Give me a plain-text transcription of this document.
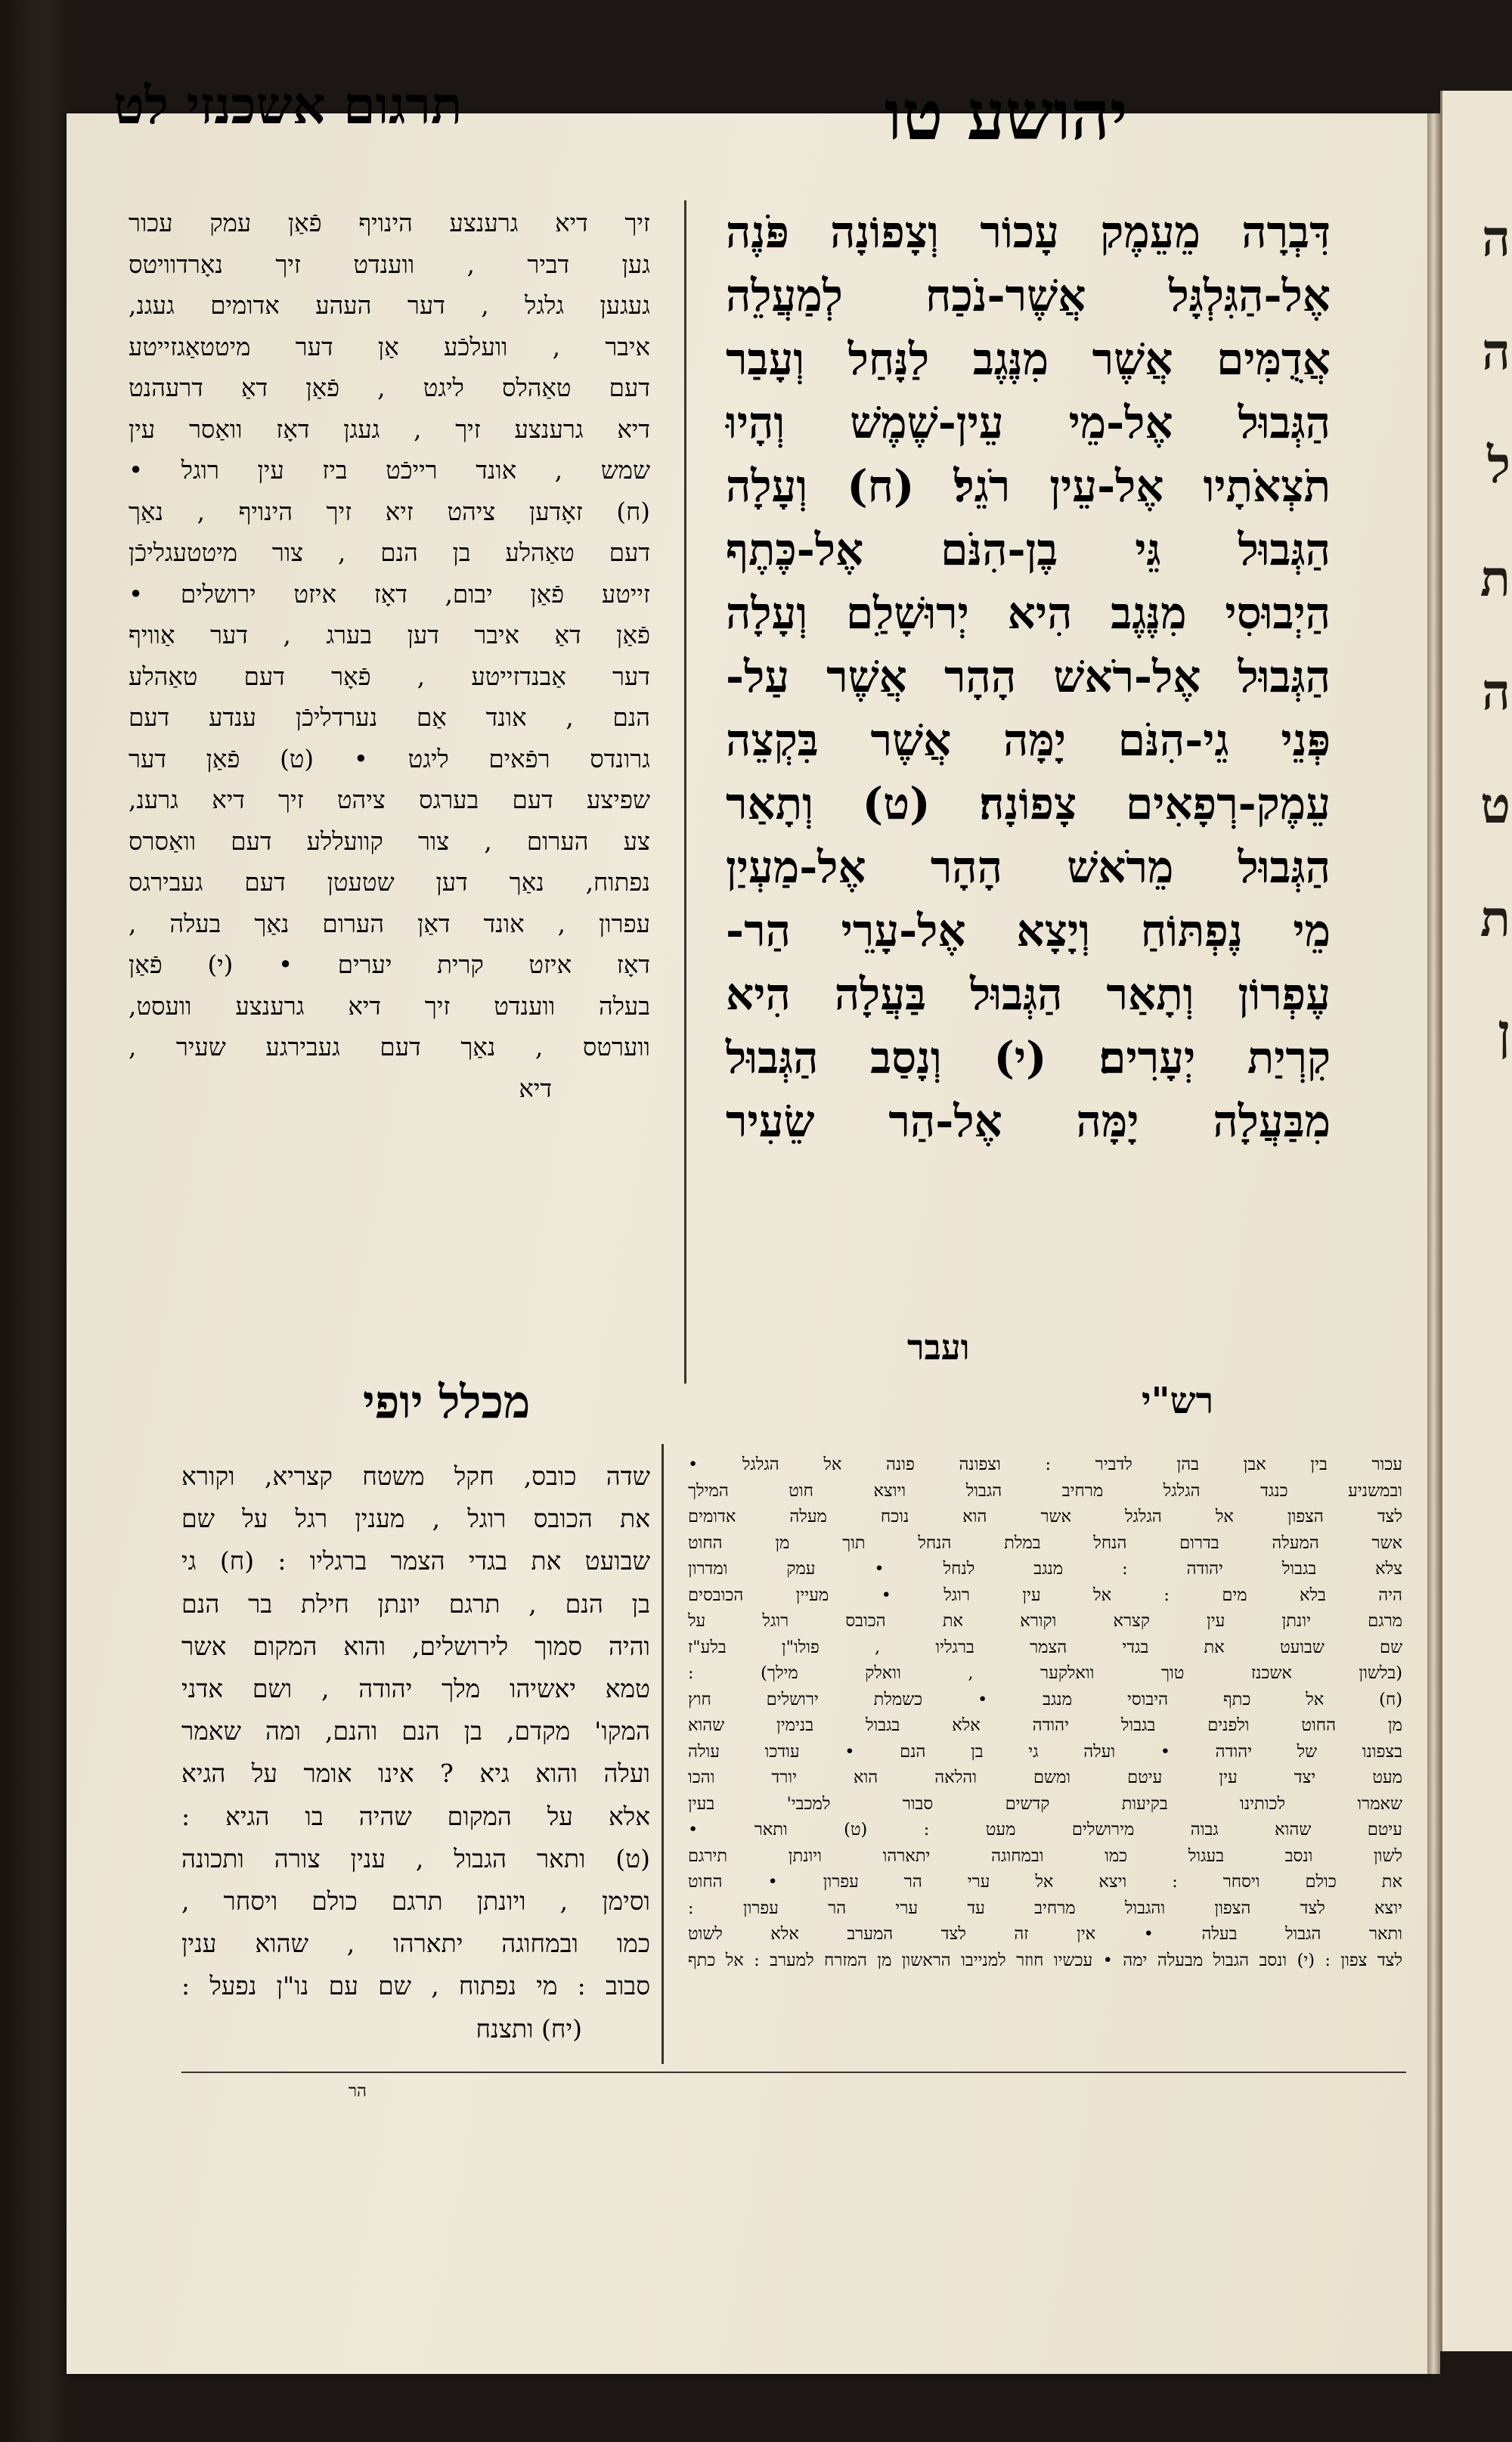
ה
ה
ל
ת
ה
ט
ת
ן
תרגום אשכנזי לט	יהושע טו
דִּבְרָה מֵעֵמֶק עָכוֹר וְצָפוֹנָה פֹּנֶה
אֶל-הַגִּלְגָּל אֲשֶׁר-נֹכַח לְמַעֲלֵה
אֲדֻמִּים אֲשֶׁר מִנֶּגֶב לַנָּחַל וְעָבַר
הַגְּבוּל אֶל-מֵי עֵין-שֶׁמֶשׁ וְהָיוּ
תֹצְאֹתָיו אֶל-עֵין רֹגֵל׃ (ח) וְעָלָה
הַגְּבוּל גֵּי בֶן-הִנֹּם אֶל-כֶּתֶף
הַיְבוּסִי מִנֶּגֶב הִיא יְרוּשָׁלִַם וְעָלָה
הַגְּבוּל אֶל-רֹאשׁ הָהָר אֲשֶׁר עַל-
פְּנֵי גֵי-הִנֹּם יָמָּה אֲשֶׁר בִּקְצֵה
עֵמֶק-רְפָאִים צָפוֹנָה׃ (ט) וְתָאַר
הַגְּבוּל מֵרֹאשׁ הָהָר אֶל-מַעְיַן
מֵי נֶפְתּוֹחַ וְיָצָא אֶל-עָרֵי הַר-
עֶפְרוֹן וְתָאַר הַגְּבוּל בַּעֲלָה הִיא
קִרְיַת יְעָרִים׃ (י) וְנָסַב הַגְּבוּל
מִבַּעֲלָה יָמָּה אֶל-הַר שֵׂעִיר
זיך דיא גרענצע הינויף פֿאַן עמק עכור
גען דביר , ווענדט זיך נאָרדוויטס
געגען גלגל , דער העהע אדומים געגנ,
איבר , וועלכֿע אַן דער מיטטאַגזייטע
דעם טאַהלס ליגט , פֿאַן דאַ דרעהנט
דיא גרענצע זיך , געגן דאָז וואַסר עין
שמש , אונד רייכֿט ביז עין רוגל •
(ח) זאָדען ציהט זיא זיך הינויף , נאַך
דעם טאַהלע בן הנם , צור מיטטעגליכֿן
זייטע פֿאַן יבום, דאָז איזט ירושלים •
פֿאַן דאַ איבר דען בערג , דער אַוויף
דער אַבנדזייטע , פֿאָר דעם טאַהלע
הנם , אונד אַם נערדליכֿן ענדע דעם
גרונדס רפֿאים ליגט • (ט) פֿאַן דער
שפיצע דעם בערגס ציהט זיך דיא גרענ,
צע הערום , צור קוועללע דעם וואַסרס
נפתוח, נאַך דען שטעטן דעם געבירגס
עפרון , אונד דאַן הערום נאַך בעלה ,
דאָז איזט קרית יערים • (י) פֿאַן
בעלה ווענדט זיך דיא גרענצע וועסט,
ווערטס , נאַך דעם געבירגע שעיר ,
דיא
ועבר
רש"י
מכלל יופי
שדה כובס, חקל משטח קצריא, וקורא
את הכובס רוגל , מענין רגל על שם
שבועט את בגדי הצמר ברגליו : (ח) גי
בן הנם , תרגם יונתן חילת בר הנם
והיה סמוך לירושלים, והוא המקום אשר
טמא יאשיהו מלך יהודה , ושם אדני
המקו' מקדם, בן הנם והנם, ומה שאמר
ועלה והוא גיא ? אינו אומר על הגיא
אלא על המקום שהיה בו הגיא :
(ט) ותאר הגבול , ענין צורה ותכונה
וסימן , ויונתן תרגם כולם ויסחר ,
כמו ובמחוגה יתארהו , שהוא ענין
סבוב : מי נפתוח , שם עם נו"ן נפעל :
(יח) ותצנח
עכור בין אבן בהן לדביר : וצפונה פונה אל הגלגל •
ובמשניע כנגד הגלגל מרחיב הגבול ויוצא חוט המילך
לצד הצפון אל הגלגל אשר הוא נוכח מעלה אדומים
אשר המעלה בדרום הנחל במלת הנחל תוך מן החוט
צלא בגבול יהודה : מנגב לנחל • עמק ומדרון
היה בלא מים : אל עין רוגל • מעיין הכובסים
מרגם יונתן עין קצרא וקורא את הכובס רוגל על
שם שבועט את בגדי הצמר ברגליו , פולו"ן בלע"ז
(בלשון אשכנז טוך וואלקער , וואלק מילך) :
(ח) אל כתף היבוסי מנגב • כשמלת ירושלים חוץ
מן החוט ולפנים בגבול יהודה אלא בגבול בנימין שהוא
בצפונו של יהודה • ועלה גי בן הנם • עודכו עולה
מעט יצד עין עיטם ומשם והלאה הוא יורד והכו
שאמרו לכותינו בקיעות קדשים סבור למכבי' בעין
עיטם שהוא גבוה מירושלים מעט : (ט) ותאר •
לשון ונסב בעגול כמו ובמחוגה יתארהו ויונתן תירגם
את כולם ויסחר : ויצא אל ערי הר עפרון • החוט
יוצא לצד הצפון והגבול מרחיב עד ערי הר עפרון :
ותאר הגבול בעלה • אין זה לצד המערב אלא לשוט
לצד צפון : (י) ונסב הגבול מבעלה ימה • עכשיו חוזר למנייבו הראשון מן המזרח למערב : אל כתף
הר
